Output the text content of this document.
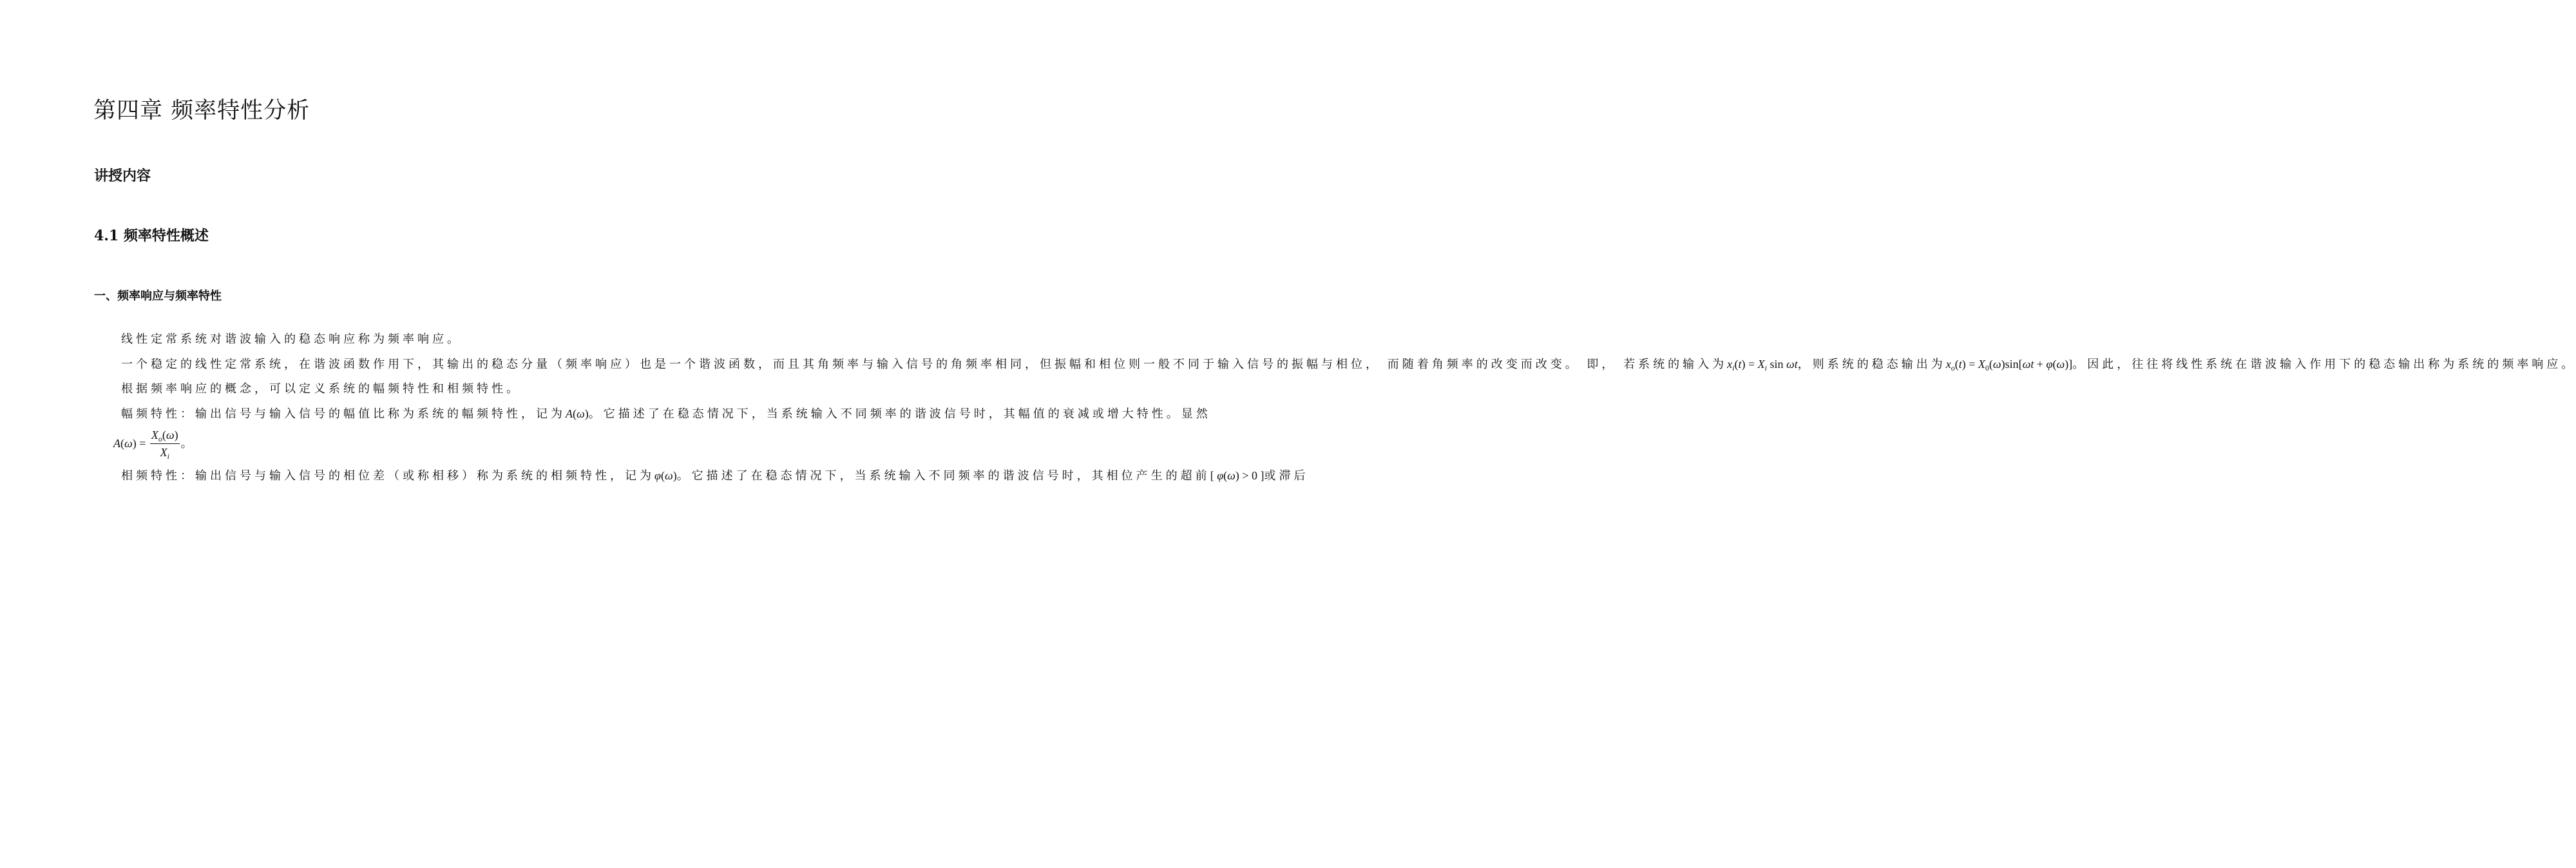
第四章 频率特性分析
讲授内容
4.1 频率特性概述
一、频率响应与频率特性

线性定常系统对谐波输入的稳态响应称为频率响应。

一个稳定的线性定常系统，在谐波函数作用下，其输出的稳态分量（频率响应）也是一个谐波函数，而且其角频率与输入信号的角频率相同，但振幅和相位则一般不同于输入信号的振幅与相位， 而随着角频率的改变而改变。 即， 若系统的输入为$x_i(t) = X_i$ sin ωt，则系统的稳态输出为$x_o(t) = X_0(\omega)\sin[\omega t + \varphi(\omega)]$。因此，往往将线性系统在谐波输入作用下的稳态输出称为系统的频率响应。

根据频率响应的概念，可以定义系统的幅频特性和相频特性。

幅频特性：输出信号与输入信号的幅值比称为系统的幅频特性，记为A(ω)。它描述了在稳态情况下，当系统输入不同频率的谐波信号时，其幅值的衰减或增大特性。显然

$A(\omega) = \frac{X_o(\omega)}{X_i}$ 。

相频特性：输出信号与输入信号的相位差（或称相移）称为系统的相频特性，记为φ(ω)。它描述了在稳态情况下，当系统输入不同频率的谐波信号时，其相位产生的超前[ φ(ω) > 0 ]或滞后
